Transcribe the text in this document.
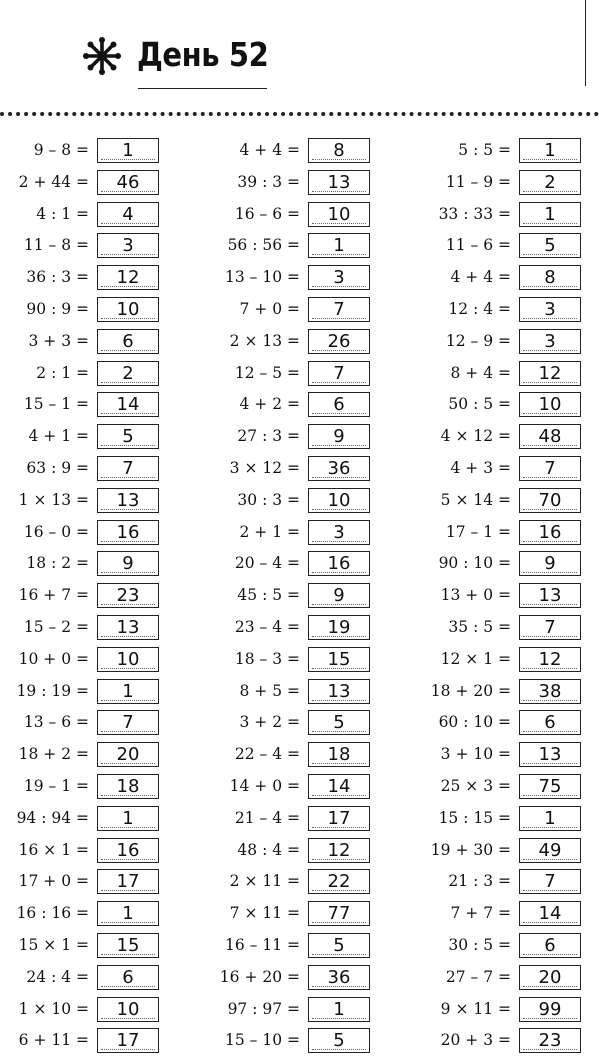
День 52
9 – 8 =	1
2 + 44 =	46
4 : 1 =	4
11 – 8 =	3
36 : 3 =	12
90 : 9 =	10
3 + 3 =	6
2 : 1 =	2
15 – 1 =	14
4 + 1 =	5
63 : 9 =	7
1 × 13 =	13
16 – 0 =	16
18 : 2 =	9
16 + 7 =	23
15 – 2 =	13
10 + 0 =	10
19 : 19 =	1
13 – 6 =	7
18 + 2 =	20
19 – 1 =	18
94 : 94 =	1
16 × 1 =	16
17 + 0 =	17
16 : 16 =	1
15 × 1 =	15
24 : 4 =	6
1 × 10 =	10
6 + 11 =	17
4 + 4 =	8
39 : 3 =	13
16 – 6 =	10
56 : 56 =	1
13 – 10 =	3
7 + 0 =	7
2 × 13 =	26
12 – 5 =	7
4 + 2 =	6
27 : 3 =	9
3 × 12 =	36
30 : 3 =	10
2 + 1 =	3
20 – 4 =	16
45 : 5 =	9
23 – 4 =	19
18 – 3 =	15
8 + 5 =	13
3 + 2 =	5
22 – 4 =	18
14 + 0 =	14
21 – 4 =	17
48 : 4 =	12
2 × 11 =	22
7 × 11 =	77
16 – 11 =	5
16 + 20 =	36
97 : 97 =	1
15 – 10 =	5
5 : 5 =	1
11 – 9 =	2
33 : 33 =	1
11 – 6 =	5
4 + 4 =	8
12 : 4 =	3
12 – 9 =	3
8 + 4 =	12
50 : 5 =	10
4 × 12 =	48
4 + 3 =	7
5 × 14 =	70
17 – 1 =	16
90 : 10 =	9
13 + 0 =	13
35 : 5 =	7
12 × 1 =	12
18 + 20 =	38
60 : 10 =	6
3 + 10 =	13
25 × 3 =	75
15 : 15 =	1
19 + 30 =	49
21 : 3 =	7
7 + 7 =	14
30 : 5 =	6
27 – 7 =	20
9 × 11 =	99
20 + 3 =	23
